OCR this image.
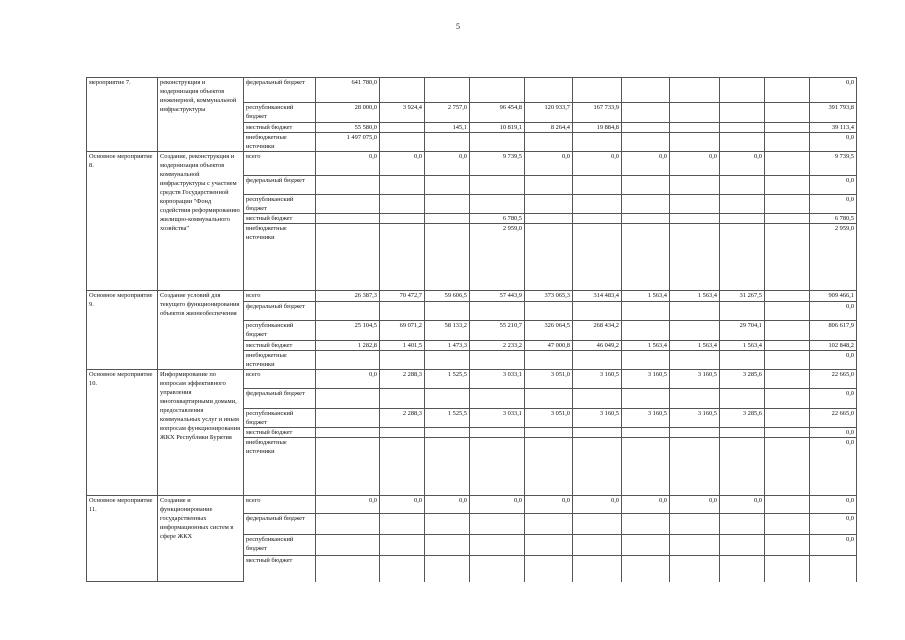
5
мероприятие 7.	реконструкция и модернизация объектов инженерной, коммунальной инфраструктуры	федеральный бюджет	641 780,0										0,0
		республиканский бюджет	28 000,0	3 924,4	2 757,0	96 454,8	120 933,7	167 733,9					391 793,8
		местный бюджет	55 580,0		145,1	10 819,1	8 264,4	19 884,8					39 113,4
		внебюджетные источники	1 497 075,0										0,0
Основное мероприятие 8.	Создание, реконструкция и модернизация объектов коммунальной инфраструктуры с участием средств Государственной корпорации "Фонд содействия реформированию жилищно-коммунального хозяйства"	всего	0,0	0,0	0,0	9 739,5	0,0	0,0	0,0	0,0	0,0		9 739,5
		федеральный бюджет											0,0
		республиканский бюджет											0,0
		местный бюджет				6 780,5							6 780,5
		внебюджетные источники				2 959,0							2 959,0
Основное мероприятие 9.	Создание условий для текущего функционирования объектов жизнеобеспечения	всего	26 387,3	70 472,7	59 606,5	57 443,9	373 065,3	314 483,4	1 563,4	1 563,4	31 267,5		909 466,1
		федеральный бюджет											0,0
		республиканский бюджет	25 104,5	69 071,2	58 133,2	55 210,7	326 064,5	268 434,2			29 704,1		806 617,9
		местный бюджет	1 282,8	1 401,5	1 473,3	2 233,2	47 000,8	46 049,2	1 563,4	1 563,4	1 563,4		102 848,2
		внебюджетные источники											0,0
Основное мероприятие 10.	Информирование по вопросам эффективного управления многоквартирными домами, предоставления коммунальных услуг и иным вопросам функционирования ЖКХ Республики Бурятия	всего	0,0	2 288,3	1 525,5	3 033,1	3 051,0	3 160,5	3 160,5	3 160,5	3 285,6		22 665,0
		федеральный бюджет											0,0
		республиканский бюджет		2 288,3	1 525,5	3 033,1	3 051,0	3 160,5	3 160,5	3 160,5	3 285,6		22 665,0
		местный бюджет											0,0
		внебюджетные источники											0,0
Основное мероприятие 11.	Создание и функционирование государственных информационных систем в сфере ЖКХ	всего	0,0	0,0	0,0	0,0	0,0	0,0	0,0	0,0	0,0		0,0
		федеральный бюджет											0,0
		республиканский бюджет											0,0
		местный бюджет											
